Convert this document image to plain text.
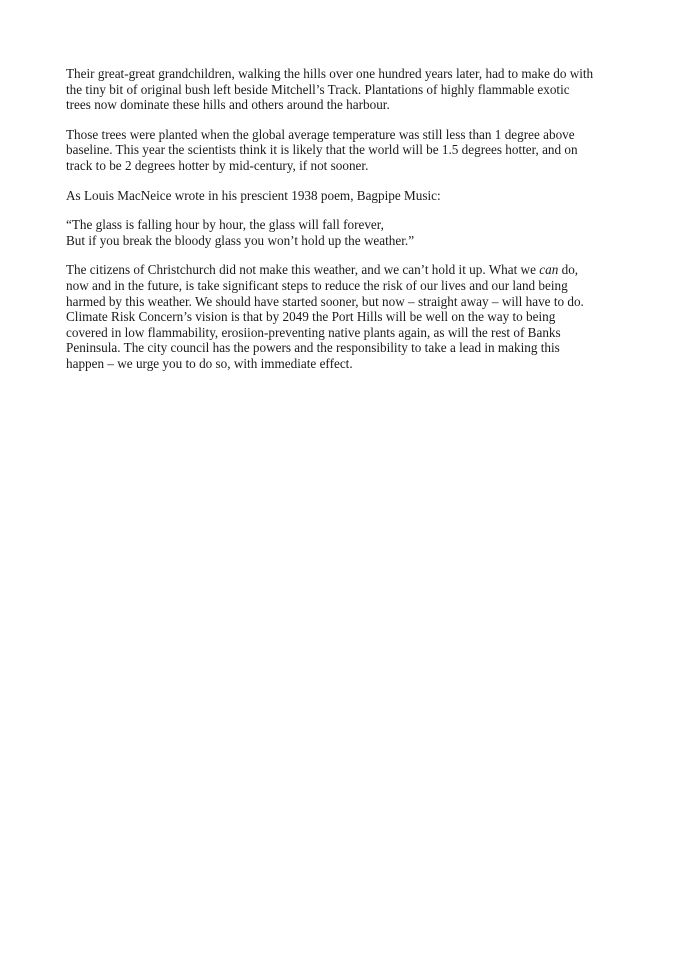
Their great-great grandchildren, walking the hills over one hundred years later, had to make do with
the tiny bit of original bush left beside Mitchell’s Track. Plantations of highly flammable exotic
trees now dominate these hills and others around the harbour.

Those trees were planted when the global average temperature was still less than 1 degree above
baseline. This year the scientists think it is likely that the world will be 1.5 degrees hotter, and on
track to be 2 degrees hotter by mid-century, if not sooner.

As Louis MacNeice wrote in his prescient 1938 poem, Bagpipe Music:

“The glass is falling hour by hour, the glass will fall forever,
But if you break the bloody glass you won’t hold up the weather.”

The citizens of Christchurch did not make this weather, and we can’t hold it up. What we can do,
now and in the future, is take significant steps to reduce the risk of our lives and our land being
harmed by this weather. We should have started sooner, but now – straight away – will have to do.
Climate Risk Concern’s vision is that by 2049 the Port Hills will be well on the way to being
covered in low flammability, erosiion-preventing native plants again, as will the rest of Banks
Peninsula. The city council has the powers and the responsibility to take a lead in making this
happen – we urge you to do so, with immediate effect.
